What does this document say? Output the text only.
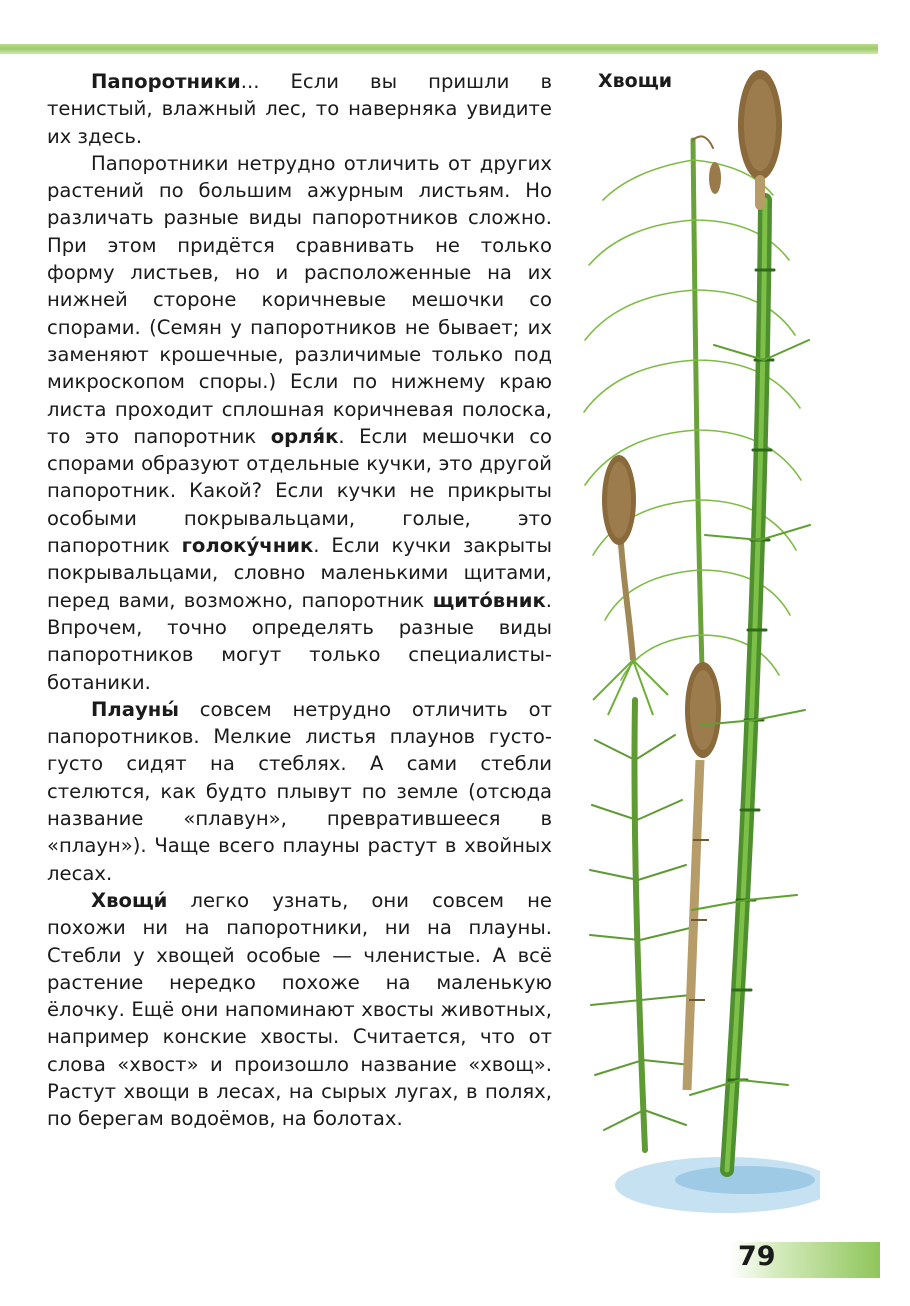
Папоротники... Если вы пришли в тенистый, влажный лес, то наверняка увидите их здесь.

Папоротники нетрудно отличить от других растений по большим ажурным листьям. Но различать разные виды папоротников сложно. При этом придётся сравнивать не только форму листьев, но и расположенные на их нижней стороне коричневые мешочки со спорами. (Семян у папоротников не бывает; их заменяют крошечные, различимые только под микроскопом споры.) Если по нижнему краю листа проходит сплошная коричневая полоска, то это папоротник орля́к. Если мешочки со спорами образуют отдельные кучки, это другой папоротник. Какой? Если кучки не прикрыты особыми покрывальцами, голые, это папоротник голоку́чник. Если кучки закрыты покрывальцами, словно маленькими щитами, перед вами, возможно, папоротник щито́вник. Впрочем, точно определять разные виды папоротников могут только специалисты-ботаники.

Плауны́ совсем нетрудно отличить от папоротников. Мелкие листья плаунов густо-густо сидят на стеблях. А сами стебли стелются, как будто плывут по земле (отсюда название «плавун», превратившееся в «плаун»). Чаще всего плауны растут в хвойных лесах.

Хвощи́ легко узнать, они совсем не похожи ни на папоротники, ни на плауны. Стебли у хвощей особые — членистые. А всё растение нередко похоже на маленькую ёлочку. Ещё они напоминают хвосты животных, например конские хвосты. Считается, что от слова «хвост» и произошло название «хвощ». Растут хвощи в лесах, на сырых лугах, в полях, по берегам водоёмов, на болотах.

Хвощи
79
